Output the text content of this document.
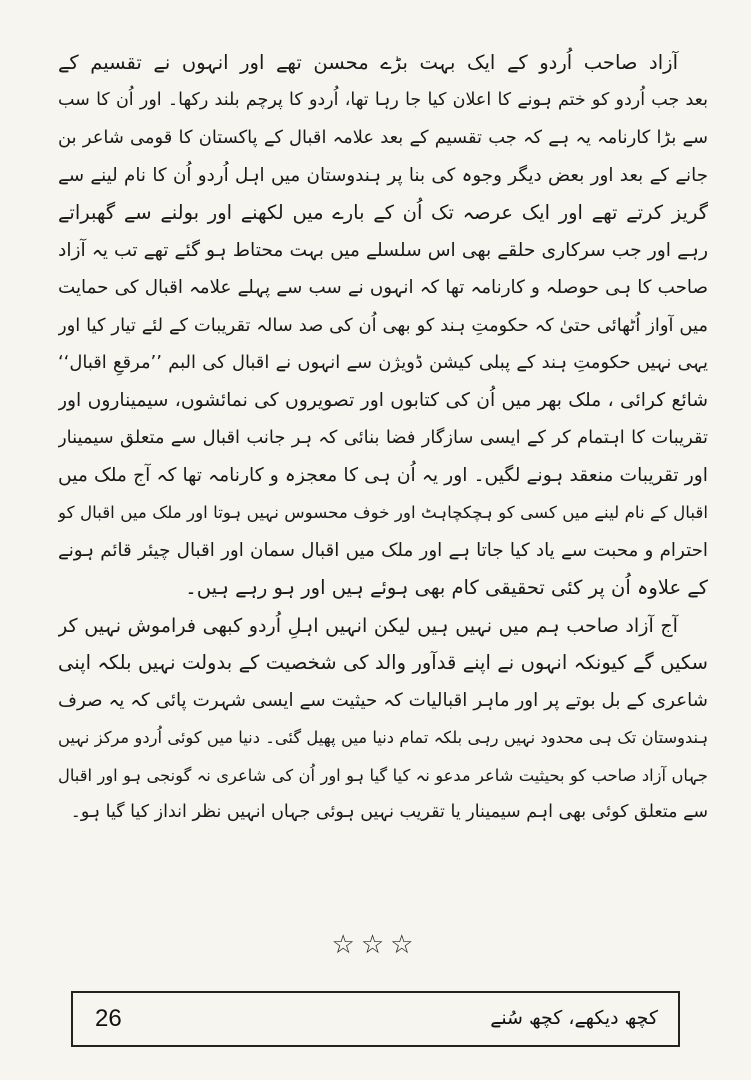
آزاد صاحب اُردو کے ایک بہت بڑے محسن تھے اور انہوں نے تقسیم کے

بعد جب اُردو کو ختم ہونے کا اعلان کیا جا رہا تھا، اُردو کا پرچم بلند رکھا۔ اور اُن کا سب

سے بڑا کارنامہ یہ ہے کہ جب تقسیم کے بعد علامہ اقبال کے پاکستان کا قومی شاعر بن

جانے کے بعد اور بعض دیگر وجوہ کی بنا پر ہندوستان میں اہل اُردو اُن کا نام لینے سے

گریز کرتے تھے اور ایک عرصہ تک اُن کے بارے میں لکھنے اور بولنے سے گھبراتے

رہے اور جب سرکاری حلقے بھی اس سلسلے میں بہت محتاط ہو گئے تھے تب یہ آزاد

صاحب کا ہی حوصلہ و کارنامہ تھا کہ انہوں نے سب سے پہلے علامہ اقبال کی حمایت

میں آواز اُٹھائی حتیٰ کہ حکومتِ ہند کو بھی اُن کی صد سالہ تقریبات کے لئے تیار کیا اور

یہی نہیں حکومتِ ہند کے پبلی کیشن ڈویژن سے انہوں نے اقبال کی البم ’’مرقعِ اقبال‘‘

شائع کرائی ، ملک بھر میں اُن کی کتابوں اور تصویروں کی نمائشوں، سیمیناروں اور

تقریبات کا اہتمام کر کے ایسی سازگار فضا بنائی کہ ہر جانب اقبال سے متعلق سیمینار

اور تقریبات منعقد ہونے لگیں۔ اور یہ اُن ہی کا معجزہ و کارنامہ تھا کہ آج ملک میں

اقبال کے نام لینے میں کسی کو ہچکچاہٹ اور خوف محسوس نہیں ہوتا اور ملک میں اقبال کو

احترام و محبت سے یاد کیا جاتا ہے اور ملک میں اقبال سمان اور اقبال چیئر قائم ہونے

کے علاوہ اُن پر کئی تحقیقی کام بھی ہوئے ہیں اور ہو رہے ہیں۔

آج آزاد صاحب ہم میں نہیں ہیں لیکن انہیں اہلِ اُردو کبھی فراموش نہیں کر

سکیں گے کیونکہ انہوں نے اپنے قدآور والد کی شخصیت کے بدولت نہیں بلکہ اپنی

شاعری کے بل بوتے پر اور ماہر اقبالیات کہ حیثیت سے ایسی شہرت پائی کہ یہ صرف

ہندوستان تک ہی محدود نہیں رہی بلکہ تمام دنیا میں پھیل گئی۔ دنیا میں کوئی اُردو مرکز نہیں

جہاں آزاد صاحب کو بحیثیت شاعر مدعو نہ کیا گیا ہو اور اُن کی شاعری نہ گونجی ہو اور اقبال

سے متعلق کوئی بھی اہم سیمینار یا تقریب نہیں ہوئی جہاں انہیں نظر انداز کیا گیا ہو۔

☆☆☆
26	کچھ دیکھے، کچھ سُنے
